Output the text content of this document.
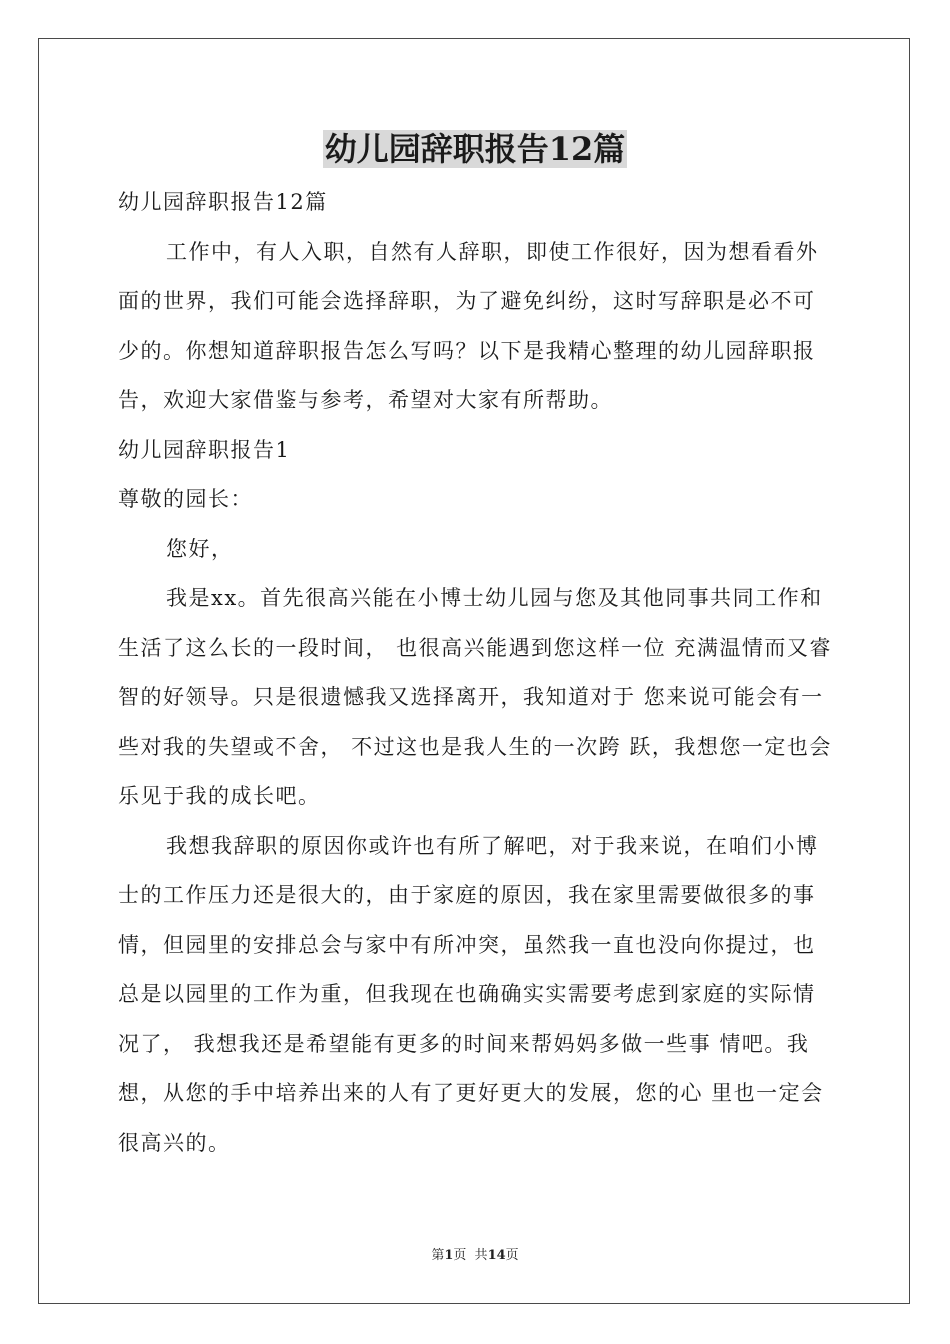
幼儿园辞职报告12篇

幼儿园辞职报告12篇

工作中，有人入职，自然有人辞职，即使工作很好，因为想看看外面的世界，我们可能会选择辞职，为了避免纠纷，这时写辞职是必不可少的。你想知道辞职报告怎么写吗？以下是我精心整理的幼儿园辞职报告，欢迎大家借鉴与参考，希望对大家有所帮助。

幼儿园辞职报告1

尊敬的园长：

您好，

我是xx。首先很高兴能在小博士幼儿园与您及其他同事共同工作和生活了这么长的一段时间， 也很高兴能遇到您这样一位 充满温情而又睿智的好领导。只是很遗憾我又选择离开，我知道对于 您来说可能会有一些对我的失望或不舍， 不过这也是我人生的一次跨 跃，我想您一定也会乐见于我的成长吧。

我想我辞职的原因你或许也有所了解吧，对于我来说，在咱们小博士的工作压力还是很大的，由于家庭的原因，我在家里需要做很多的事情，但园里的安排总会与家中有所冲突，虽然我一直也没向你提过，也总是以园里的工作为重，但我现在也确确实实需要考虑到家庭的实际情况了， 我想我还是希望能有更多的时间来帮妈妈多做一些事 情吧。我想，从您的手中培养出来的人有了更好更大的发展，您的心 里也一定会很高兴的。

第1页 共14页
